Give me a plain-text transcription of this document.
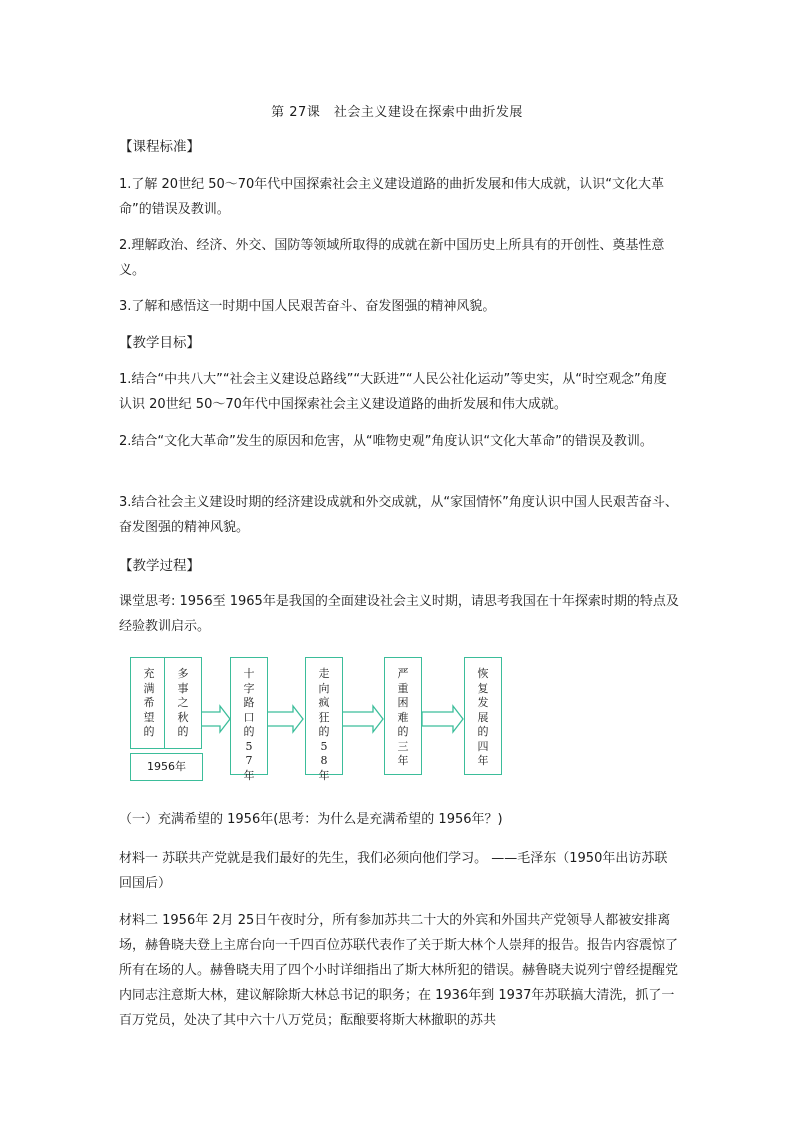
第 27课　社会主义建设在探索中曲折发展
【课程标准】
1.了解 20世纪 50～70年代中国探索社会主义建设道路的曲折发展和伟大成就，认识“文化大革命”的错误及教训。
2.理解政治、经济、外交、国防等领域所取得的成就在新中国历史上所具有的开创性、奠基性意义。
3.了解和感悟这一时期中国人民艰苦奋斗、奋发图强的精神风貌。
【教学目标】
1.结合“中共八大”“社会主义建设总路线”“大跃进”“人民公社化运动”等史实，从“时空观念”角度认识 20世纪 50～70年代中国探索社会主义建设道路的曲折发展和伟大成就。
2.结合“文化大革命”发生的原因和危害，从“唯物史观”角度认识“文化大革命”的错误及教训。
3.结合社会主义建设时期的经济建设成就和外交成就，从“家国情怀”角度认识中国人民艰苦奋斗、奋发图强的精神风貌。
【教学过程】
课堂思考: 1956至 1965年是我国的全面建设社会主义时期，请思考我国在十年探索时期的特点及经验教训启示。
充满希望的
多事之秋的
十字路口的57年
走向疯狂的58年
严重困难的三年
恢复发展的四年
1956年
（一）充满希望的 1956年(思考：为什么是充满希望的 1956年？)
材料一 苏联共产党就是我们最好的先生，我们必须向他们学习。 ——毛泽东（1950年出访苏联回国后）
材料二 1956年 2月 25日午夜时分，所有参加苏共二十大的外宾和外国共产党领导人都被安排离场，赫鲁晓夫登上主席台向一千四百位苏联代表作了关于斯大林个人崇拜的报告。报告内容震惊了所有在场的人。赫鲁晓夫用了四个小时详细指出了斯大林所犯的错误。赫鲁晓夫说列宁曾经提醒党内同志注意斯大林，建议解除斯大林总书记的职务；在 1936年到 1937年苏联搞大清洗，抓了一百万党员，处决了其中六十八万党员；酝酿要将斯大林撤职的苏共
